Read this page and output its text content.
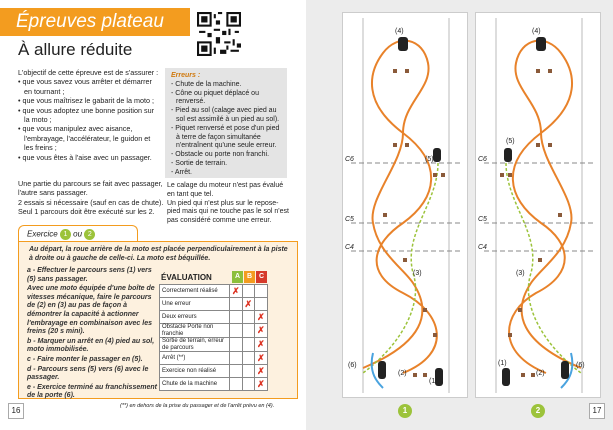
Épreuves plateau
À allure réduite
L'objectif de cette épreuve est de s'assurer :
• que vous savez vous arrêter et démarrer en tournant ;
• que vous maîtrisez le gabarit de la moto ;
• que vous adoptez une bonne position sur la moto ;
• que vous manipulez avec aisance, l'embrayage, l'accélérateur, le guidon et les freins ;
• que vous êtes à l'aise avec un passager.
Une partie du parcours se fait avec passager, l'autre sans passager.
2 essais si nécessaire (sauf en cas de chute).
Seul 1 parcours doit être exécuté sur les 2.
Erreurs :
- Chute de la machine.
- Cône ou piquet déplacé ou renversé.
- Pied au sol (calage avec pied au sol est assimilé à un pied au sol).
- Piquet renversé et pose d'un pied à terre de façon simultanée n'entraînent qu'une seule erreur.
- Obstacle ou porte non franchi.
- Sortie de terrain.
- Arrêt.
Le calage du moteur n'est pas évalué en tant que tel.
Un pied qui n'est plus sur le repose-pied mais qui ne touche pas le sol n'est pas considéré comme une erreur.
Exercice 1 ou 2
Au départ, la roue arrière de la moto est placée perpendiculairement à la piste à droite ou à gauche de celle-ci. La moto est béquillée.
a - Effectuer le parcours sens (1) vers (5) sans passager.
Avec une moto équipée d'une boîte de vitesses mécanique, faire le parcours de (2) en (3) au pas de façon à démontrer la capacité à actionner l'embrayage en combinaison avec les freins (20 s mini).
b - Marquer un arrêt en (4) pied au sol, moto immobilisée.
c - Faire monter le passager en (5).
d - Parcours sens (5) vers (6) avec le passager.
e - Exercice terminé au franchissement de la porte (6).
ÉVALUATION	A B C
Correctement réalisé	✗		
Une erreur		✗	
Deux erreurs			✗
Obstacle Porte non franchie			✗
Sortie de terrain, erreur de parcours			✗
Arrêt (**)			✗
Exercice non réalisé			✗
Chute de la machine			✗
16	(**) en dehors de la prise du passager et de l'arrêt prévu en (4).
(4)
(5)
(3)
(2)
(1)
(6)
C6
C5
C4
1
(4)
(5)
(3)
(2)
(1)	(6)
C6
C5
C4
2	17
